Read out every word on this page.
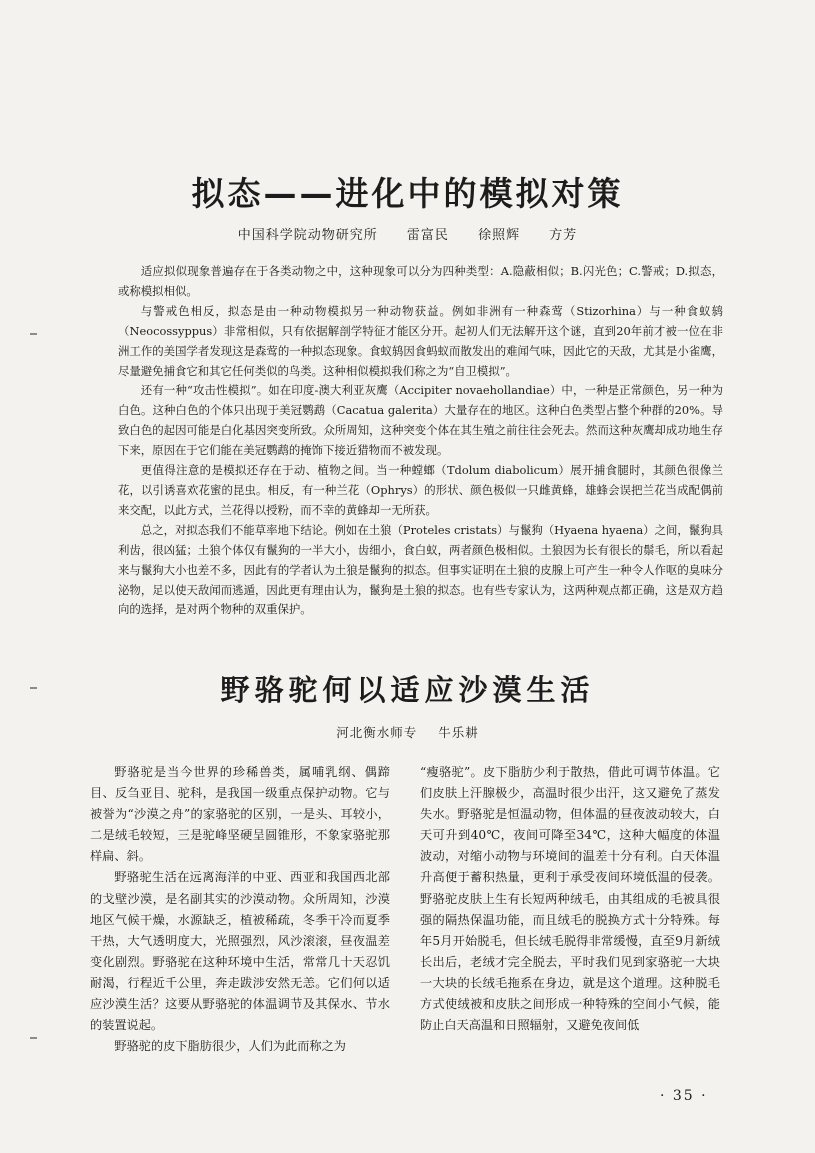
拟态——进化中的模拟对策
中国科学院动物研究所 雷富民 徐照辉 方芳

适应拟似现象普遍存在于各类动物之中，这种现象可以分为四种类型：A.隐蔽相似；B.闪光色；C.警戒；D.拟态，或称模拟相似。

与警戒色相反，拟态是由一种动物模拟另一种动物获益。例如非洲有一种森莺（Stizorhina）与一种食蚁鸫（Neocossyppus）非常相似，只有依据解剖学特征才能区分开。起初人们无法解开这个谜，直到20年前才被一位在非洲工作的美国学者发现这是森莺的一种拟态现象。食蚁鸫因食蚂蚁而散发出的难闻气味，因此它的天敌，尤其是小雀鹰，尽量避免捕食它和其它任何类似的鸟类。这种相似模拟我们称之为“自卫模拟”。

还有一种“攻击性模拟”。如在印度-澳大利亚灰鹰（Accipiter novaehollandiae）中，一种是正常颜色，另一种为白色。这种白色的个体只出现于美冠鹦鹉（Cacatua galerita）大量存在的地区。这种白色类型占整个种群的20%。导致白色的起因可能是白化基因突变所致。众所周知，这种突变个体在其生殖之前往往会死去。然而这种灰鹰却成功地生存下来，原因在于它们能在美冠鹦鹉的掩饰下接近猎物而不被发现。

更值得注意的是模拟还存在于动、植物之间。当一种螳螂（Tdolum diabolicum）展开捕食腿时，其颜色很像兰花，以引诱喜欢花蜜的昆虫。相反，有一种兰花（Ophrys）的形状、颜色极似一只雌黄蜂，雄蜂会误把兰花当成配偶前来交配，以此方式，兰花得以授粉，而不幸的黄蜂却一无所获。

总之，对拟态我们不能草率地下结论。例如在土狼（Proteles cristats）与鬣狗（Hyaena hyaena）之间，鬣狗具利齿，很凶猛；土狼个体仅有鬣狗的一半大小，齿细小，食白蚁，两者颜色极相似。土狼因为长有很长的鬃毛，所以看起来与鬣狗大小也差不多，因此有的学者认为土狼是鬣狗的拟态。但事实证明在土狼的皮腺上可产生一种令人作呕的臭味分泌物，足以使天敌闻而逃遁，因此更有理由认为，鬣狗是土狼的拟态。也有些专家认为，这两种观点都正确，这是双方趋向的选择，是对两个物种的双重保护。

野骆驼何以适应沙漠生活
河北衡水师专 牛乐耕

野骆驼是当今世界的珍稀兽类，属哺乳纲、偶蹄目、反刍亚目、驼科，是我国一级重点保护动物。它与被誉为“沙漠之舟”的家骆驼的区别，一是头、耳较小，二是绒毛较短，三是驼峰坚硬呈圆锥形，不象家骆驼那样扁、斜。

野骆驼生活在远离海洋的中亚、西亚和我国西北部的戈壁沙漠，是名副其实的沙漠动物。众所周知，沙漠地区气候干燥，水源缺乏，植被稀疏，冬季干冷而夏季干热，大气透明度大，光照强烈，风沙滚滚，昼夜温差变化剧烈。野骆驼在这种环境中生活，常常几十天忍饥耐渴，行程近千公里，奔走跋涉安然无恙。它们何以适应沙漠生活？这要从野骆驼的体温调节及其保水、节水的装置说起。

野骆驼的皮下脂肪很少，人们为此而称之为

“瘦骆驼”。皮下脂肪少利于散热，借此可调节体温。它们皮肤上汗腺极少，高温时很少出汗，这又避免了蒸发失水。野骆驼是恒温动物，但体温的昼夜波动较大，白天可升到40℃，夜间可降至34℃，这种大幅度的体温波动，对缩小动物与环境间的温差十分有利。白天体温升高便于蓄积热量，更利于承受夜间环境低温的侵袭。野骆驼皮肤上生有长短两种绒毛，由其组成的毛被具很强的隔热保温功能，而且绒毛的脱换方式十分特殊。每年5月开始脱毛，但长绒毛脱得非常缓慢，直至9月新绒长出后，老绒才完全脱去，平时我们见到家骆驼一大块一大块的长绒毛拖系在身边，就是这个道理。这种脱毛方式使绒被和皮肤之间形成一种特殊的空间小气候，能防止白天高温和日照辐射，又避免夜间低

· 35 ·
